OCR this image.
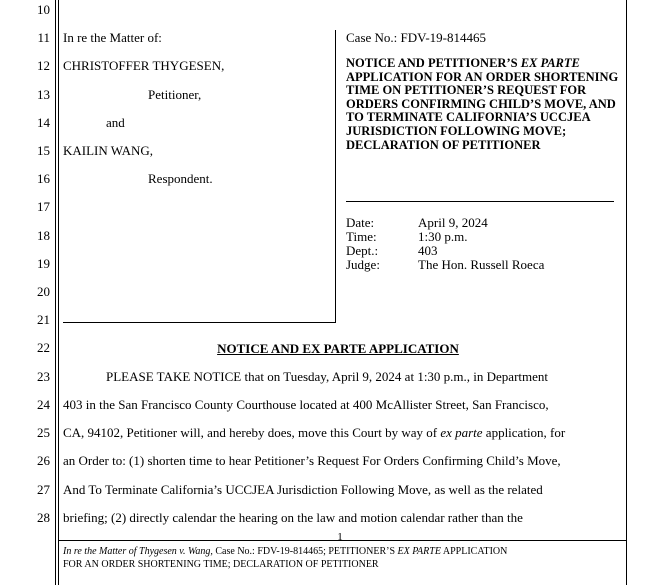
10
11
12
13
14
15
16
17
18
19
20
21
22
23
24
25
26
27
28
In re the Matter of:
CHRISTOFFER THYGESEN,
Petitioner,
and
KAILIN WANG,
Respondent.
Case No.: FDV-19-814465
NOTICE AND PETITIONER’S EX PARTE APPLICATION FOR AN ORDER SHORTENING TIME ON PETITIONER’S REQUEST FOR ORDERS CONFIRMING CHILD’S MOVE, AND TO TERMINATE CALIFORNIA’S UCCJEA JURISDICTION FOLLOWING MOVE; DECLARATION OF PETITIONER
Date:	April 9, 2024
Time:	1:30 p.m.
Dept.:	403
Judge:	The Hon. Russell Roeca
NOTICE AND EX PARTE APPLICATION
PLEASE TAKE NOTICE that on Tuesday, April 9, 2024 at 1:30 p.m., in Department
403 in the San Francisco County Courthouse located at 400 McAllister Street, San Francisco,
CA, 94102, Petitioner will, and hereby does, move this Court by way of ex parte application, for
an Order to: (1) shorten time to hear Petitioner’s Request For Orders Confirming Child’s Move,
And To Terminate California’s UCCJEA Jurisdiction Following Move, as well as the related
briefing; (2) directly calendar the hearing on the law and motion calendar rather than the
1
In re the Matter of Thygesen v. Wang, Case No.: FDV-19-814465; PETITIONER’S EX PARTE APPLICATION
FOR AN ORDER SHORTENING TIME; DECLARATION OF PETITIONER
